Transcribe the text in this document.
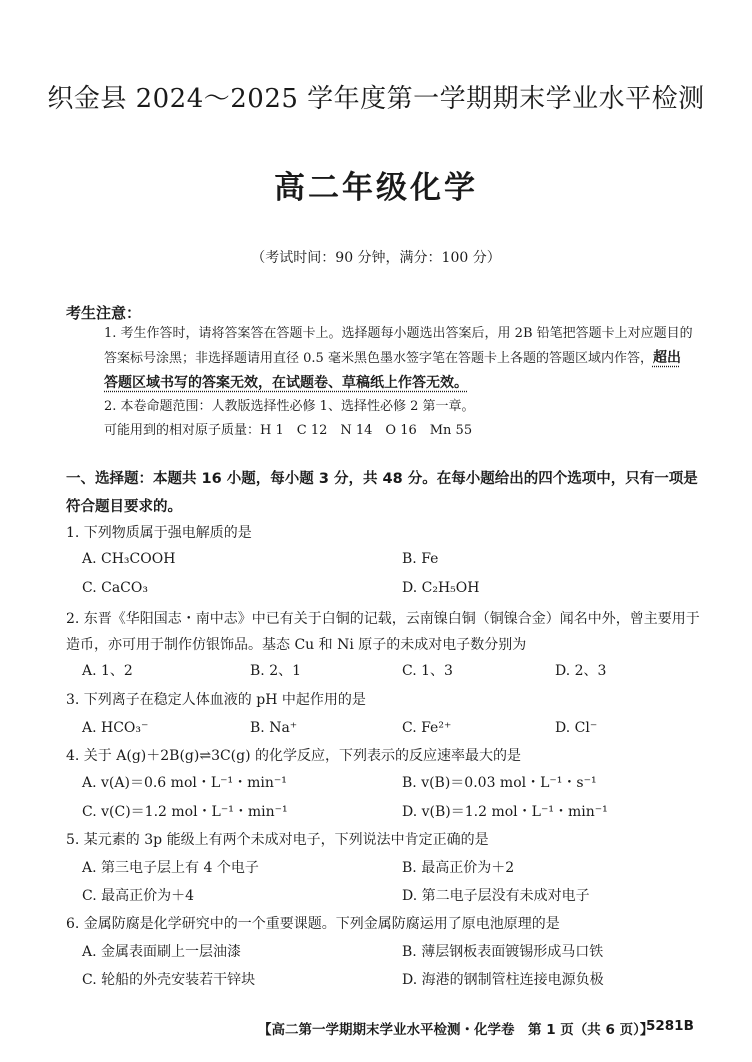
织金县 2024～2025 学年度第一学期期末学业水平检测
高二年级化学
（考试时间：90 分钟，满分：100 分）
考生注意：
1. 考生作答时，请将答案答在答题卡上。选择题每小题选出答案后，用 2B 铅笔把答题卡上对应题目的答案标号涂黑；非选择题请用直径 0.5 毫米黑色墨水签字笔在答题卡上各题的答题区域内作答，超出答题区域书写的答案无效，在试题卷、草稿纸上作答无效。
2. 本卷命题范围：人教版选择性必修 1、选择性必修 2 第一章。
可能用到的相对原子质量：H 1　C 12　N 14　O 16　Mn 55
一、选择题：本题共 16 小题，每小题 3 分，共 48 分。在每小题给出的四个选项中，只有一项是符合题目要求的。
1. 下列物质属于强电解质的是
A. CH₃COOH	B. Fe
C. CaCO₃	D. C₂H₅OH
2. 东晋《华阳国志・南中志》中已有关于白铜的记载，云南镍白铜（铜镍合金）闻名中外，曾主要用于造币，亦可用于制作仿银饰品。基态 Cu 和 Ni 原子的未成对电子数分别为
A. 1、2	B. 2、1	C. 1、3	D. 2、3
3. 下列离子在稳定人体血液的 pH 中起作用的是
A. HCO₃⁻	B. Na⁺	C. Fe²⁺	D. Cl⁻
4. 关于 A(g)＋2B(g)⇌3C(g) 的化学反应，下列表示的反应速率最大的是
A. v(A)＝0.6 mol・L⁻¹・min⁻¹	B. v(B)＝0.03 mol・L⁻¹・s⁻¹
C. v(C)＝1.2 mol・L⁻¹・min⁻¹	D. v(B)＝1.2 mol・L⁻¹・min⁻¹
5. 某元素的 3p 能级上有两个未成对电子，下列说法中肯定正确的是
A. 第三电子层上有 4 个电子	B. 最高正价为＋2
C. 最高正价为＋4	D. 第二电子层没有未成对电子
6. 金属防腐是化学研究中的一个重要课题。下列金属防腐运用了原电池原理的是
A. 金属表面刷上一层油漆	B. 薄层钢板表面镀锡形成马口铁
C. 轮船的外壳安装若干锌块	D. 海港的钢制管柱连接电源负极
【高二第一学期期末学业水平检测・化学卷　第 1 页（共 6 页）】
5281B
